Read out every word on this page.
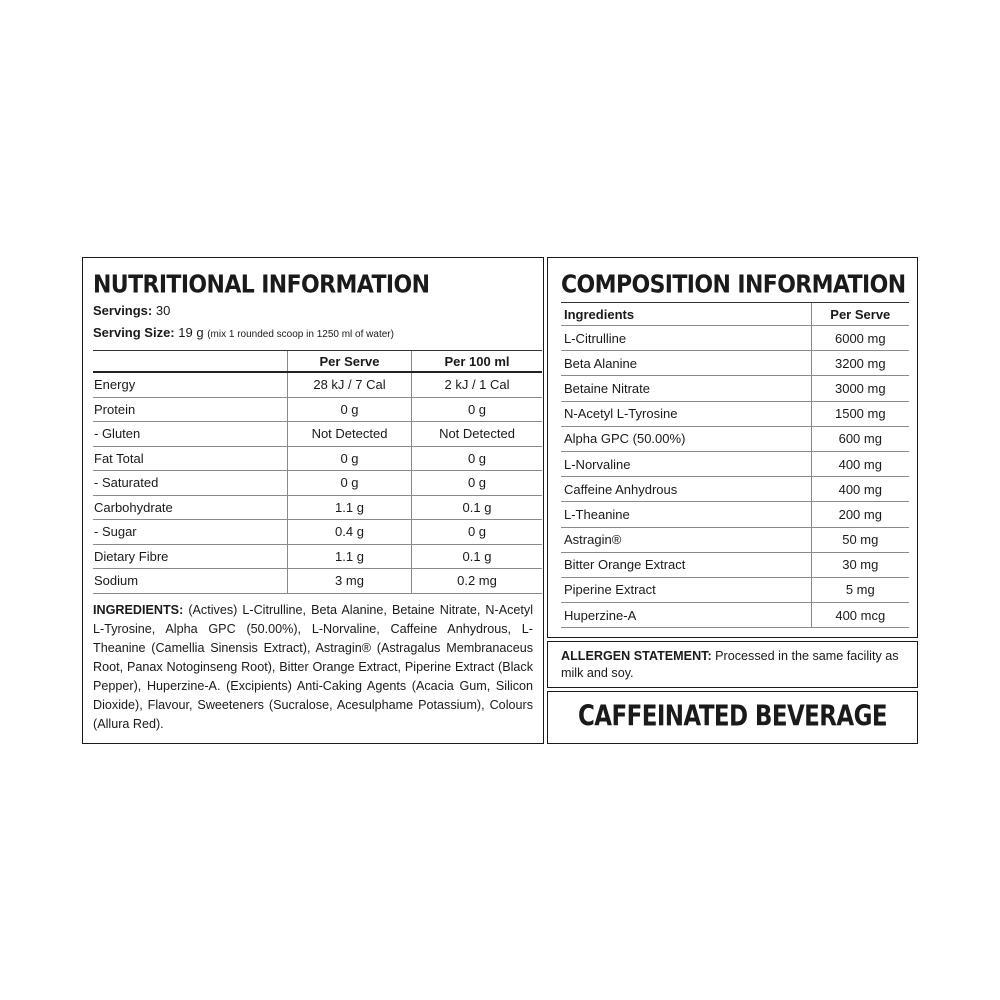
NUTRITIONAL INFORMATION
Servings: 30
Serving Size: 19 g (mix 1 rounded scoop in 1250 ml of water)
	Per Serve	Per 100 ml
Energy	28 kJ / 7 Cal	2 kJ / 1 Cal
Protein	0 g	0 g
- Gluten	Not Detected	Not Detected
Fat Total	0 g	0 g
- Saturated	0 g	0 g
Carbohydrate	1.1 g	0.1 g
- Sugar	0.4 g	0 g
Dietary Fibre	1.1 g	0.1 g
Sodium	3 mg	0.2 mg
INGREDIENTS: (Actives) L-Citrulline, Beta Alanine, Betaine Nitrate, N-Acetyl L-Tyrosine, Alpha GPC (50.00%), L-Norvaline, Caffeine Anhydrous, L-Theanine (Camellia Sinensis Extract), Astragin® (Astragalus Membranaceus Root, Panax Notoginseng Root), Bitter Orange Extract, Piperine Extract (Black Pepper), Huperzine-A. (Excipients) Anti-Caking Agents (Acacia Gum, Silicon Dioxide), Flavour, Sweeteners (Sucralose, Acesulphame Potassium), Colours (Allura Red).
COMPOSITION INFORMATION
Ingredients	Per Serve
L-Citrulline	6000 mg
Beta Alanine	3200 mg
Betaine Nitrate	3000 mg
N-Acetyl L-Tyrosine	1500 mg
Alpha GPC (50.00%)	600 mg
L-Norvaline	400 mg
Caffeine Anhydrous	400 mg
L-Theanine	200 mg
Astragin®	50 mg
Bitter Orange Extract	30 mg
Piperine Extract	5 mg
Huperzine-A	400 mcg
ALLERGEN STATEMENT: Processed in the same facility as milk and soy.
CAFFEINATED BEVERAGE
